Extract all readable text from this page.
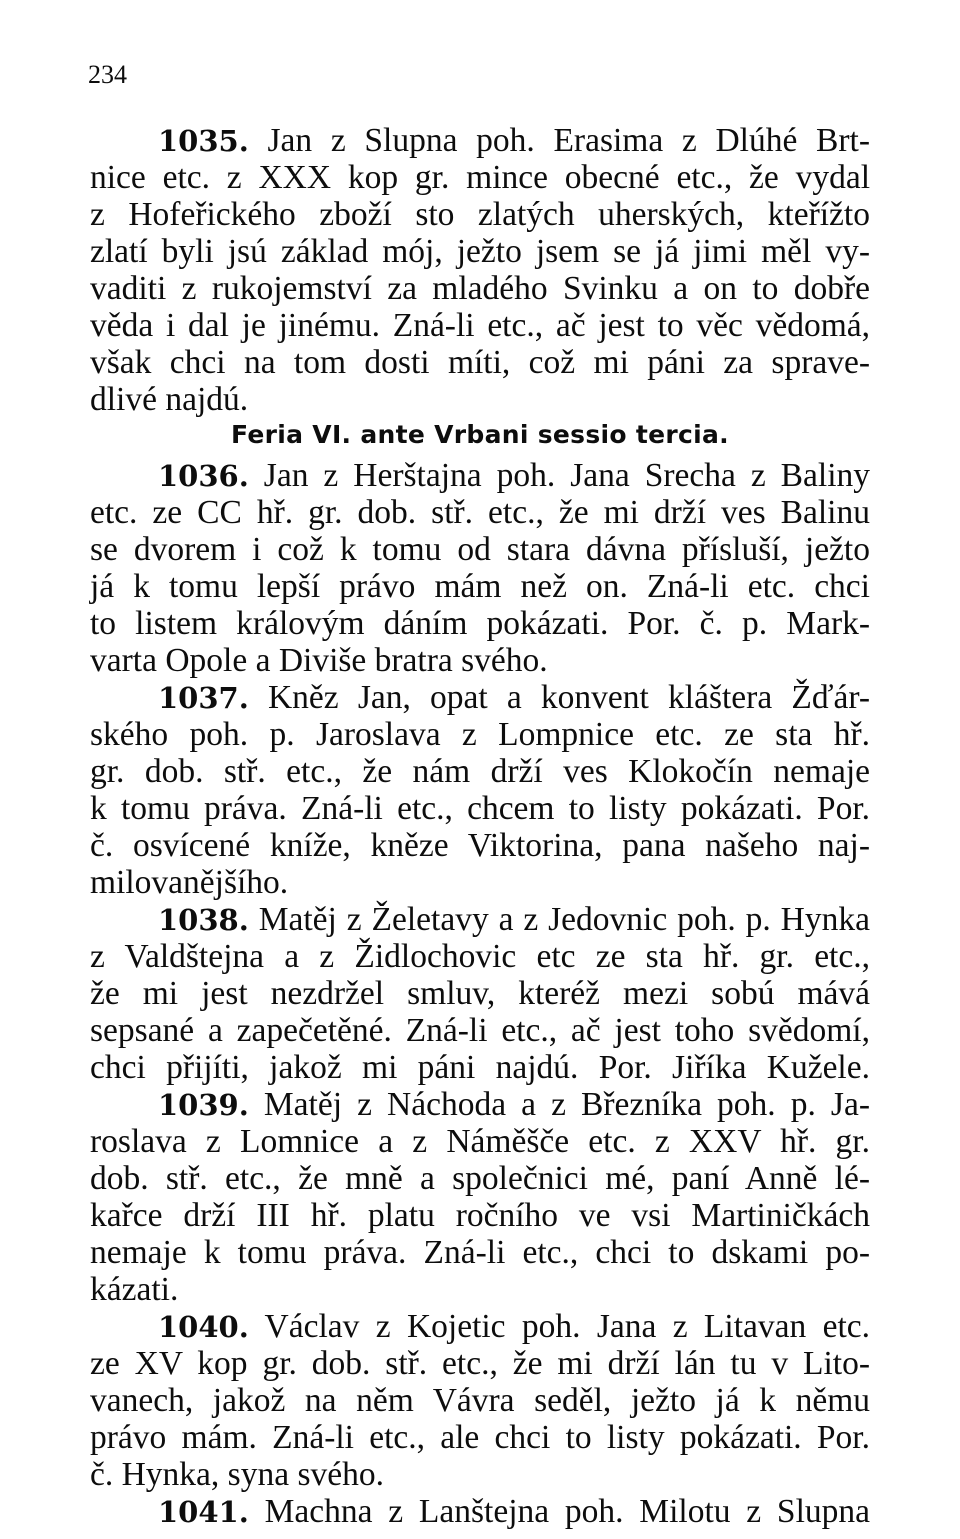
234
1035. Jan z Slupna poh. Erasima z Dlúhé Brt-
nice etc. z XXX kop gr. mince obecné etc., že vydal
z Hofeřického zboží sto zlatých uherských, kteřížto
zlatí byli jsú základ mój, ježto jsem se já jimi měl vy-
vaditi z rukojemství za mladého Svinku a on to dobře
věda i dal je jinému. Zná-li etc., ač jest to věc vědomá,
však chci na tom dosti míti, což mi páni za sprave-
dlivé najdú.
Feria VI. ante Vrbani sessio tercia.
1036. Jan z Herštajna poh. Jana Srecha z Baliny
etc. ze CC hř. gr. dob. stř. etc., že mi drží ves Balinu
se dvorem i což k tomu od stara dávna přísluší, ježto
já k tomu lepší právo mám než on. Zná-li etc. chci
to listem královým dáním pokázati. Por. č. p. Mark-
varta Opole a Diviše bratra svého.
1037. Kněz Jan, opat a konvent kláštera Žďár-
ského poh. p. Jaroslava z Lompnice etc. ze sta hř.
gr. dob. stř. etc., že nám drží ves Klokočín nemaje
k tomu práva. Zná-li etc., chcem to listy pokázati. Por.
č. osvícené kníže, kněze Viktorina, pana našeho naj-
milovanějšího.
1038. Matěj z Želetavy a z Jedovnic poh. p. Hynka
z Valdštejna a z Židlochovic etc ze sta hř. gr. etc.,
že mi jest nezdržel smluv, kteréž mezi sobú mává
sepsané a zapečetěné. Zná-li etc., ač jest toho svědomí,
chci přijíti, jakož mi páni najdú. Por. Jiříka Kužele.
1039. Matěj z Náchoda a z Březníka poh. p. Ja-
roslava z Lomnice a z Náměšče etc. z XXV hř. gr.
dob. stř. etc., že mně a společnici mé, paní Anně lé-
kařce drží III hř. platu ročního ve vsi Martiničkách
nemaje k tomu práva. Zná-li etc., chci to dskami po-
kázati.
1040. Václav z Kojetic poh. Jana z Litavan etc.
ze XV kop gr. dob. stř. etc., že mi drží lán tu v Lito-
vanech, jakož na něm Vávra seděl, ježto já k němu
právo mám. Zná-li etc., ale chci to listy pokázati. Por.
č. Hynka, syna svého.
1041. Machna z Lanštejna poh. Milotu z Slupna
